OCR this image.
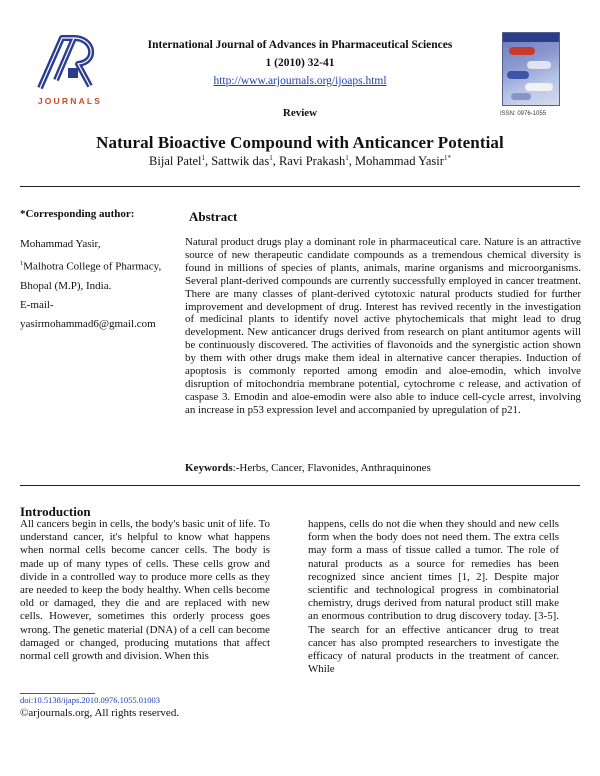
JOURNALS
International Journal of Advances in Pharmaceutical Sciences
1 (2010) 32-41
http://www.arjournals.org/ijoaps.html
ISSN: 0976-1055
Review
Natural Bioactive Compound with Anticancer Potential
Bijal Patel$^1$, Sattwik das$^1$, Ravi Prakash$^1$, Mohammad Yasir$^{1*}$
*Corresponding author:
Mohammad Yasir,
$^1$Malhotra College of Pharmacy, Bhopal (M.P), India.
E-mail-
yasirmohammad6@gmail.com
Abstract
Natural product drugs play a dominant role in pharmaceutical care. Nature is an attractive source of new therapeutic candidate compounds as a tremendous chemical diversity is found in millions of species of plants, animals, marine organisms and microorganisms. Several plant-derived compounds are currently successfully employed in cancer treatment. There are many classes of plant-derived cytotoxic natural products studied for further improvement and development of drug. Interest has revived recently in the investigation of medicinal plants to identify novel active phytochemicals that might lead to drug development. New anticancer drugs derived from research on plant antitumor agents will be continuously discovered. The activities of flavonoids and the synergistic action shown by them with other drugs make them ideal in alternative cancer therapies. Induction of apoptosis is commonly reported among emodin and aloe-emodin, which involve disruption of mitochondria membrane potential, cytochrome c release, and activation of caspase 3. Emodin and aloe-emodin were also able to induce cell-cycle arrest, involving an increase in p53 expression level and accompanied by upregulation of p21.
Keywords:-Herbs, Cancer, Flavonides, Anthraquinones
Introduction
All cancers begin in cells, the body's basic unit of life. To understand cancer, it's helpful to know what happens when normal cells become cancer cells. The body is made up of many types of cells. These cells grow and divide in a controlled way to produce more cells as they are needed to keep the body healthy. When cells become old or damaged, they die and are replaced with new cells. However, sometimes this orderly process goes wrong. The genetic material (DNA) of a cell can become damaged or changed, producing mutations that affect normal cell growth and division. When this
happens, cells do not die when they should and new cells form when the body does not need them. The extra cells may form a mass of tissue called a tumor. The role of natural products as a source for remedies has been recognized since ancient times [1, 2]. Despite major scientific and technological progress in combinatorial chemistry, drugs derived from natural product still make an enormous contribution to drug discovery today. [3-5]. The search for an effective anticancer drug to treat cancer has also prompted researchers to investigate the efficacy of natural products in the treatment of cancer. While
doi:10.5138/ijaps.2010.0976.1055.01003
©arjournals.org, All rights reserved.
